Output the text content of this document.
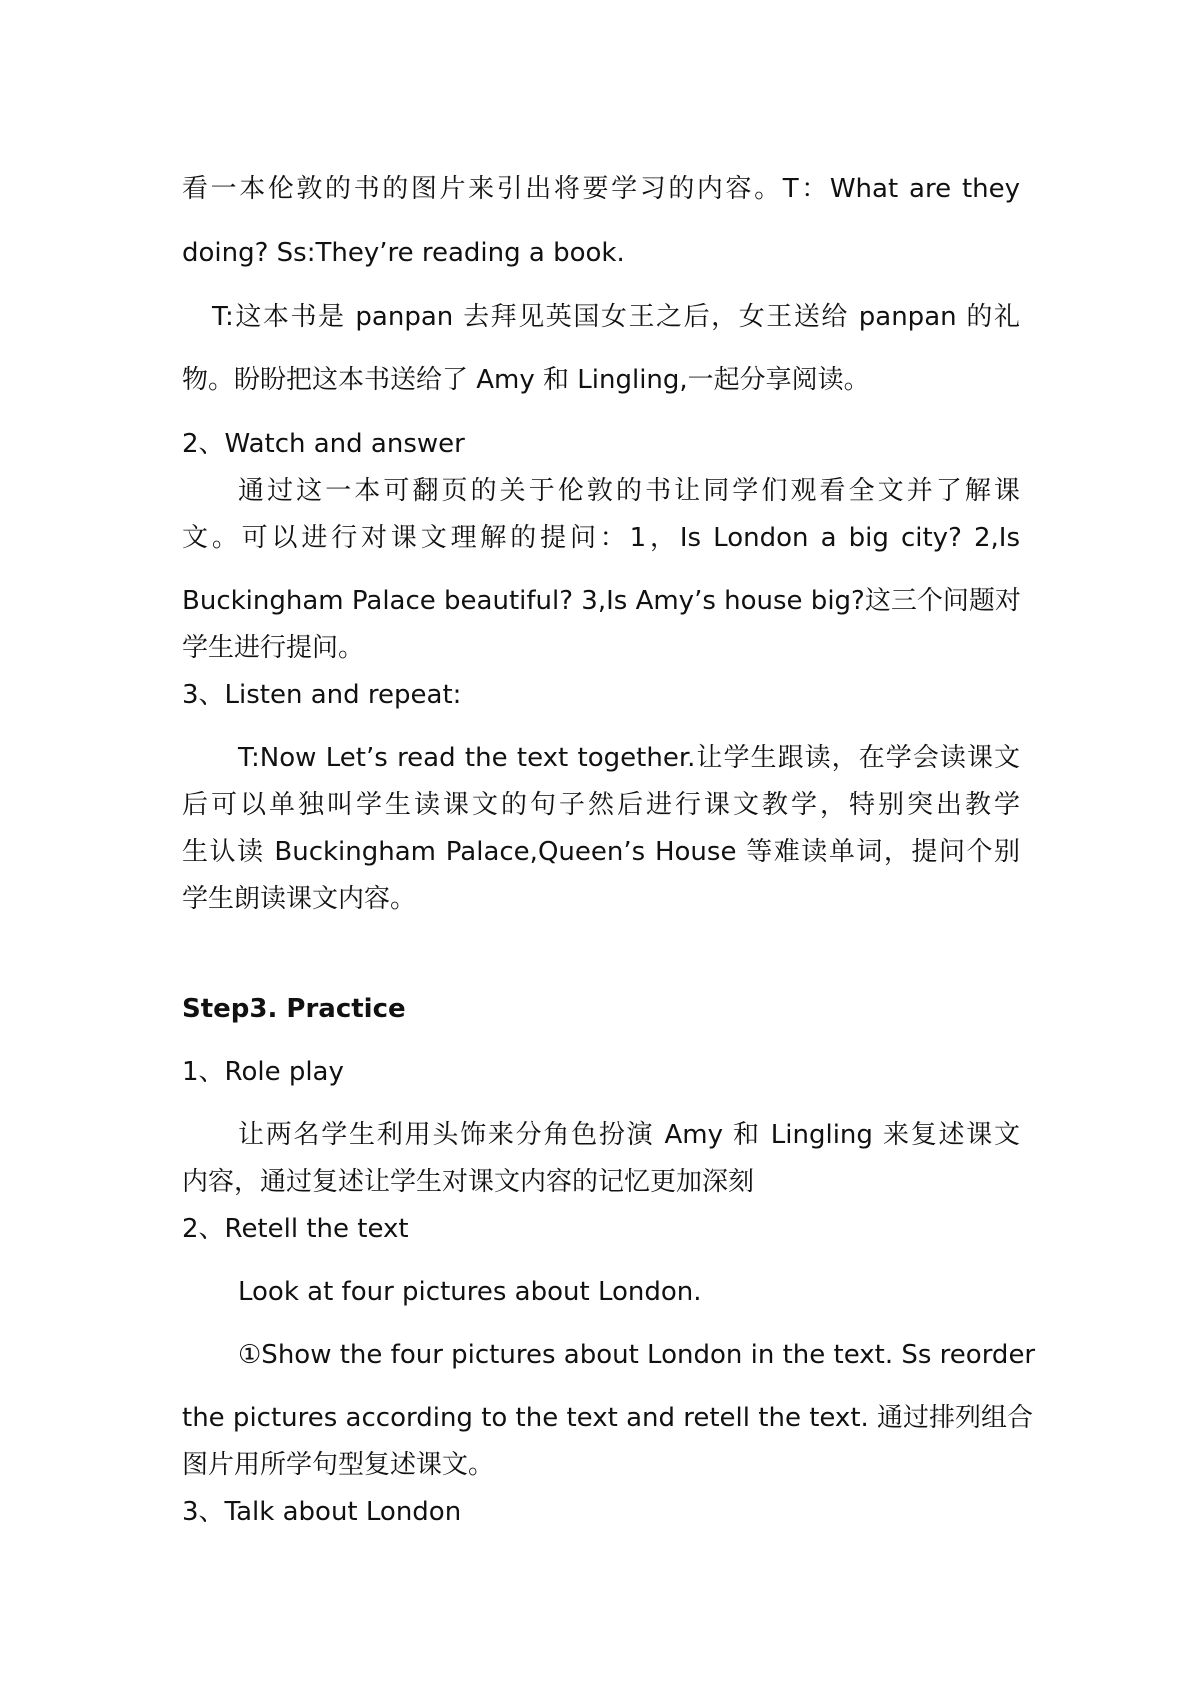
看一本伦敦的书的图片来引出将要学习的内容。T：What are they
doing? Ss:They’re reading a book.
T:这本书是 panpan 去拜见英国女王之后，女王送给 panpan 的礼
物。盼盼把这本书送给了 Amy 和 Lingling,一起分享阅读。
2、Watch and answer
通过这一本可翻页的关于伦敦的书让同学们观看全文并了解课
文。可以进行对课文理解的提问：1，Is London a big city? 2,Is
Buckingham Palace beautiful? 3,Is Amy’s house big?这三个问题对
学生进行提问。
3、Listen and repeat:
T:Now Let’s read the text together.让学生跟读，在学会读课文
后可以单独叫学生读课文的句子然后进行课文教学，特别突出教学
生认读 Buckingham Palace,Queen’s House 等难读单词，提问个别
学生朗读课文内容。
Step3. Practice
1、Role play
让两名学生利用头饰来分角色扮演 Amy 和 Lingling 来复述课文
内容，通过复述让学生对课文内容的记忆更加深刻
2、Retell the text
Look at four pictures about London.
①Show the four pictures about London in the text. Ss reorder
the pictures according to the text and retell the text. 通过排列组合
图片用所学句型复述课文。
3、Talk about London
